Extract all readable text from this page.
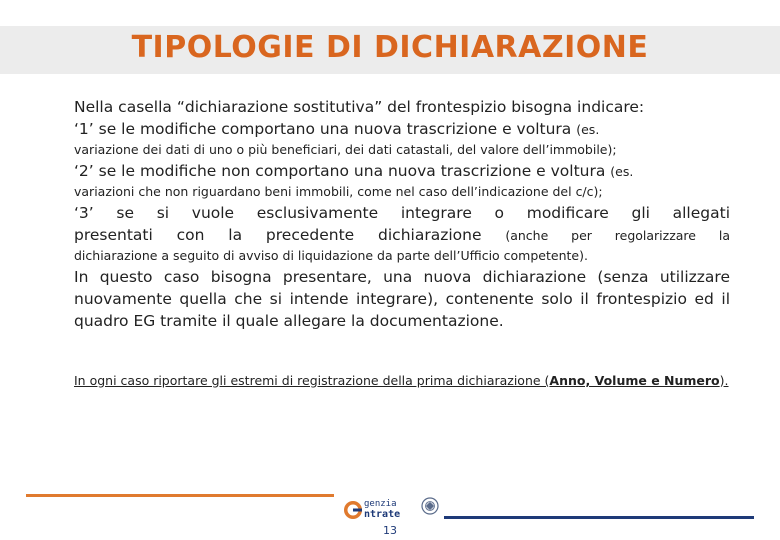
TIPOLOGIE DI DICHIARAZIONE

Nella casella “dichiarazione sostitutiva” del frontespizio bisogna indicare:

‘1’ se le modifiche comportano una nuova trascrizione e voltura (es.

variazione dei dati di uno o più beneficiari, dei dati catastali, del valore dell’immobile);

‘2’ se le modifiche non comportano una nuova trascrizione e voltura (es.

variazioni che non riguardano beni immobili, come nel caso dell’indicazione del c/c);

‘3’ se si vuole esclusivamente integrare o modificare gli allegati

presentati con la precedente dichiarazione (anche per regolarizzare la

dichiarazione a seguito di avviso di liquidazione da parte dell’Ufficio competente).

In questo caso bisogna presentare, una nuova dichiarazione (senza utilizzare nuovamente quella che si intende integrare), contenente solo il frontespizio ed il quadro EG tramite il quale allegare la documentazione.

In ogni caso riportare gli estremi di registrazione della prima dichiarazione (Anno, Volume e Numero).

genzia
ntrate
13
